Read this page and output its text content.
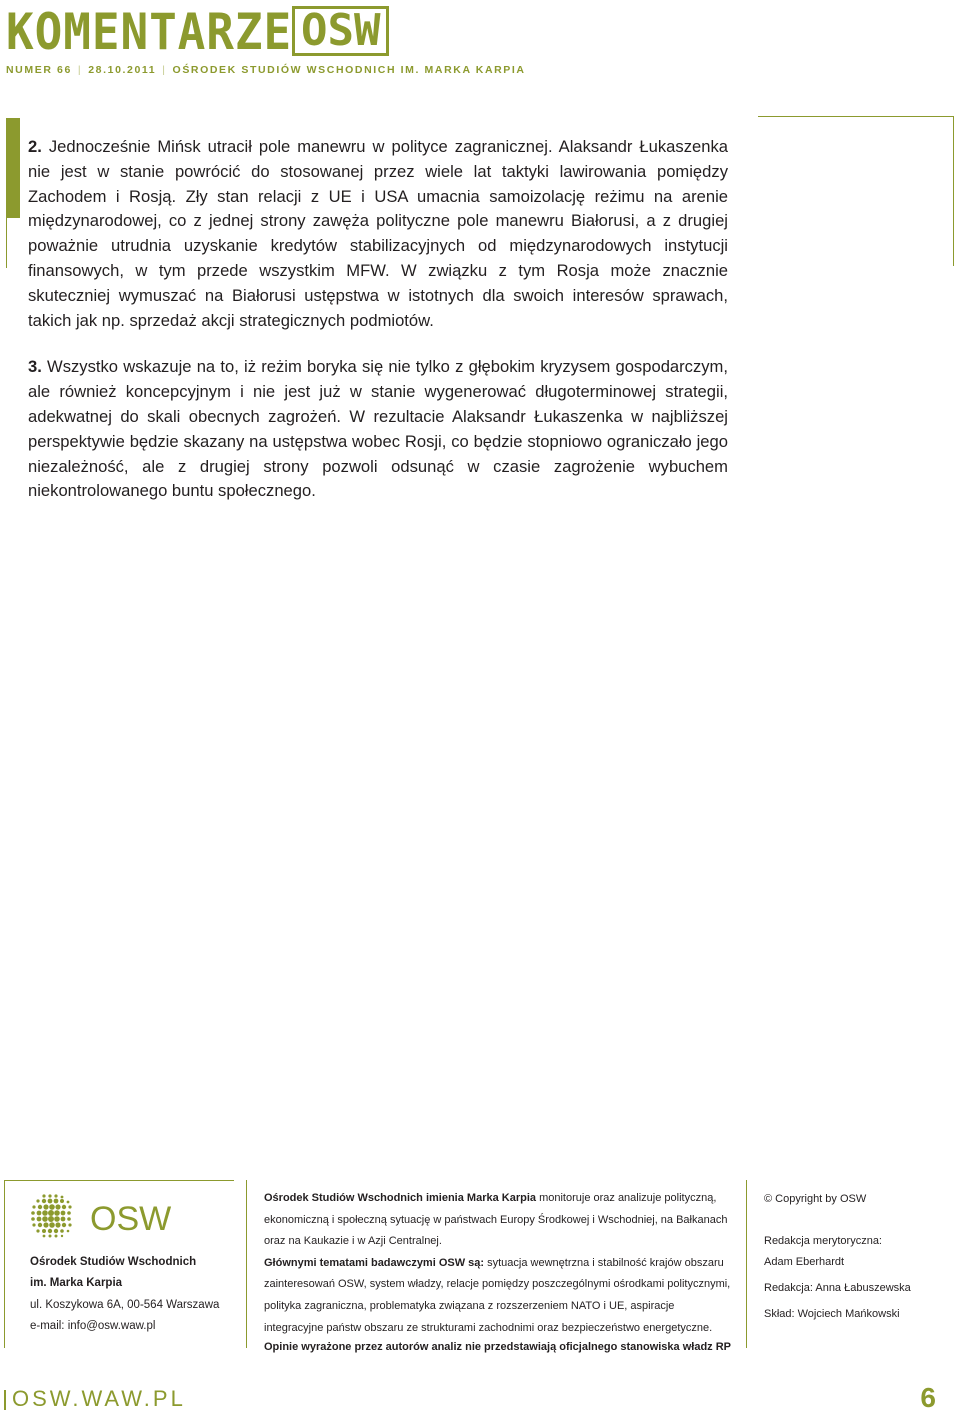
KOMENTARZE OSW
NUMER 66 | 28.10.2011 | OŚRODEK STUDIÓW WSCHODNICH IM. MARKA KARPIA

2. Jednocześnie Mińsk utracił pole manewru w polityce zagranicznej. Alaksandr Łukaszenka nie jest w stanie powrócić do stosowanej przez wiele lat taktyki lawirowania pomiędzy Zachodem i Rosją. Zły stan relacji z UE i USA umacnia samoizolację reżimu na arenie międzynarodowej, co z jednej strony zawęża polityczne pole manewru Białorusi, a z drugiej poważnie utrudnia uzyskanie kredytów stabilizacyjnych od międzynarodowych instytucji finansowych, w tym przede wszystkim MFW. W związku z tym Rosja może znacznie skuteczniej wymuszać na Białorusi ustępstwa w istotnych dla swoich interesów sprawach, takich jak np. sprzedaż akcji strategicznych podmiotów.

3. Wszystko wskazuje na to, iż reżim boryka się nie tylko z głębokim kryzysem gospodarczym, ale również koncepcyjnym i nie jest już w stanie wygenerować długoterminowej strategii, adekwatnej do skali obecnych zagrożeń. W rezultacie Alaksandr Łukaszenka w najbliższej perspektywie będzie skazany na ustępstwa wobec Rosji, co będzie stopniowo ograniczało jego niezależność, ale z drugiej strony pozwoli odsunąć w czasie zagrożenie wybuchem niekontrolowanego buntu społecznego.

OSW
Ośrodek Studiów Wschodnich
im. Marka Karpia
ul. Koszykowa 6A, 00-564 Warszawa
e-mail: info@osw.waw.pl

Ośrodek Studiów Wschodnich imienia Marka Karpia monitoruje oraz analizuje polityczną, ekonomiczną i społeczną sytuację w państwach Europy Środkowej i Wschodniej, na Bałkanach oraz na Kaukazie i w Azji Centralnej.

Głównymi tematami badawczymi OSW są: sytuacja wewnętrzna i stabilność krajów obszaru zainteresowań OSW, system władzy, relacje pomiędzy poszczególnymi ośrodkami politycznymi, polityka zagraniczna, problematyka związana z rozszerzeniem NATO i UE, aspiracje integracyjne państw obszaru ze strukturami zachodnimi oraz bezpieczeństwo energetyczne.

Opinie wyrażone przez autorów analiz nie przedstawiają oficjalnego stanowiska władz RP
© Copyright by OSW
Redakcja merytoryczna:
Adam Eberhardt
Redakcja: Anna Łabuszewska
Skład: Wojciech Mańkowski
OSW.WAW.PL	6
